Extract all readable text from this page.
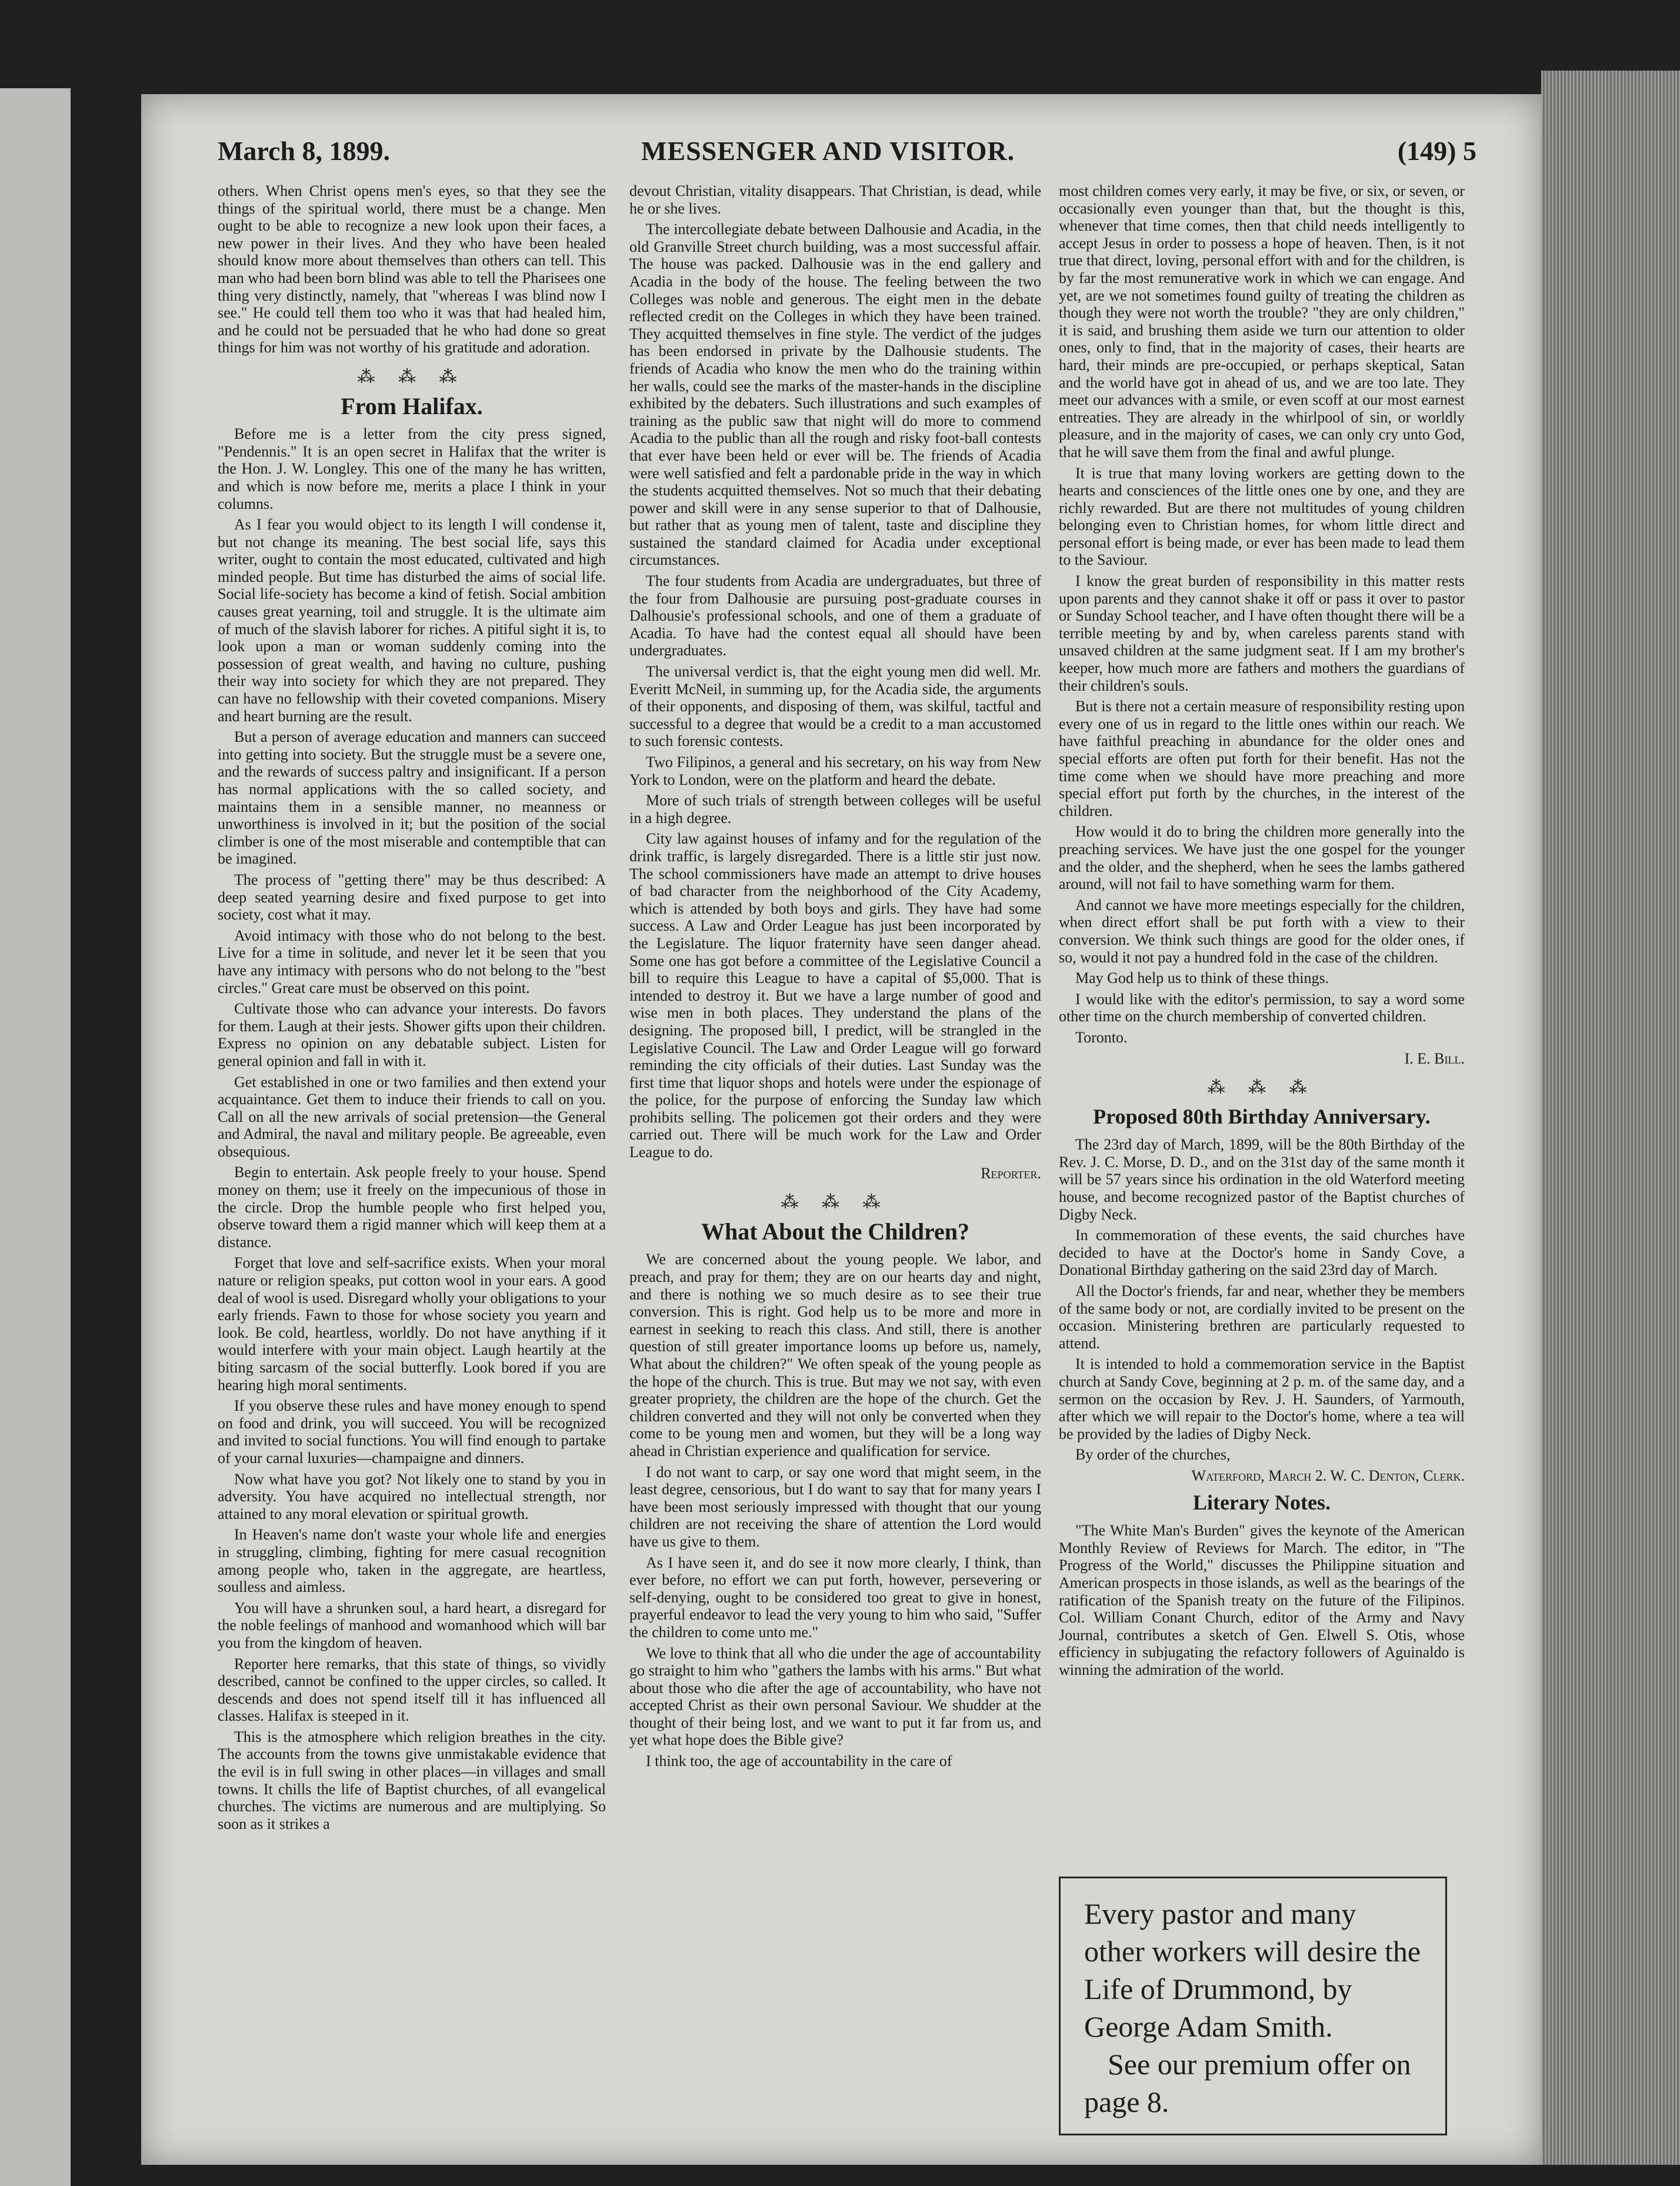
March 8, 1899.	MESSENGER AND VISITOR.	(149) 5

others. When Christ opens men's eyes, so that they see the things of the spiritual world, there must be a change. Men ought to be able to recognize a new look upon their faces, a new power in their lives. And they who have been healed should know more about themselves than others can tell. This man who had been born blind was able to tell the Pharisees one thing very distinctly, namely, that "whereas I was blind now I see." He could tell them too who it was that had healed him, and he could not be persuaded that he who had done so great things for him was not worthy of his gratitude and adoration.

⁂ ⁂ ⁂
From Halifax.

Before me is a letter from the city press signed, "Pendennis." It is an open secret in Halifax that the writer is the Hon. J. W. Longley. This one of the many he has written, and which is now before me, merits a place I think in your columns.

As I fear you would object to its length I will condense it, but not change its meaning. The best social life, says this writer, ought to contain the most educated, cultivated and high minded people. But time has disturbed the aims of social life. Social life-society has become a kind of fetish. Social ambition causes great yearning, toil and struggle. It is the ultimate aim of much of the slavish laborer for riches. A pitiful sight it is, to look upon a man or woman suddenly coming into the possession of great wealth, and having no culture, pushing their way into society for which they are not prepared. They can have no fellowship with their coveted companions. Misery and heart burning are the result.

But a person of average education and manners can succeed into getting into society. But the struggle must be a severe one, and the rewards of success paltry and insignificant. If a person has normal applications with the so called society, and maintains them in a sensible manner, no meanness or unworthiness is involved in it; but the position of the social climber is one of the most miserable and contemptible that can be imagined.

The process of "getting there" may be thus described: A deep seated yearning desire and fixed purpose to get into society, cost what it may.

Avoid intimacy with those who do not belong to the best. Live for a time in solitude, and never let it be seen that you have any intimacy with persons who do not belong to the "best circles." Great care must be observed on this point.

Cultivate those who can advance your interests. Do favors for them. Laugh at their jests. Shower gifts upon their children. Express no opinion on any debatable subject. Listen for general opinion and fall in with it.

Get established in one or two families and then extend your acquaintance. Get them to induce their friends to call on you. Call on all the new arrivals of social pretension—the General and Admiral, the naval and military people. Be agreeable, even obsequious.

Begin to entertain. Ask people freely to your house. Spend money on them; use it freely on the impecunious of those in the circle. Drop the humble people who first helped you, observe toward them a rigid manner which will keep them at a distance.

Forget that love and self-sacrifice exists. When your moral nature or religion speaks, put cotton wool in your ears. A good deal of wool is used. Disregard wholly your obligations to your early friends. Fawn to those for whose society you yearn and look. Be cold, heartless, worldly. Do not have anything if it would interfere with your main object. Laugh heartily at the biting sarcasm of the social butterfly. Look bored if you are hearing high moral sentiments.

If you observe these rules and have money enough to spend on food and drink, you will succeed. You will be recognized and invited to social functions. You will find enough to partake of your carnal luxuries—champaigne and dinners.

Now what have you got? Not likely one to stand by you in adversity. You have acquired no intellectual strength, nor attained to any moral elevation or spiritual growth.

In Heaven's name don't waste your whole life and energies in struggling, climbing, fighting for mere casual recognition among people who, taken in the aggregate, are heartless, soulless and aimless.

You will have a shrunken soul, a hard heart, a disregard for the noble feelings of manhood and womanhood which will bar you from the kingdom of heaven.

Reporter here remarks, that this state of things, so vividly described, cannot be confined to the upper circles, so called. It descends and does not spend itself till it has influenced all classes. Halifax is steeped in it.

This is the atmosphere which religion breathes in the city. The accounts from the towns give unmistakable evidence that the evil is in full swing in other places—in villages and small towns. It chills the life of Baptist churches, of all evangelical churches. The victims are numerous and are multiplying. So soon as it strikes a

devout Christian, vitality disappears. That Christian, is dead, while he or she lives.

The intercollegiate debate between Dalhousie and Acadia, in the old Granville Street church building, was a most successful affair. The house was packed. Dalhousie was in the end gallery and Acadia in the body of the house. The feeling between the two Colleges was noble and generous. The eight men in the debate reflected credit on the Colleges in which they have been trained. They acquitted themselves in fine style. The verdict of the judges has been endorsed in private by the Dalhousie students. The friends of Acadia who know the men who do the training within her walls, could see the marks of the master-hands in the discipline exhibited by the debaters. Such illustrations and such examples of training as the public saw that night will do more to commend Acadia to the public than all the rough and risky foot-ball contests that ever have been held or ever will be. The friends of Acadia were well satisfied and felt a pardonable pride in the way in which the students acquitted themselves. Not so much that their debating power and skill were in any sense superior to that of Dalhousie, but rather that as young men of talent, taste and discipline they sustained the standard claimed for Acadia under exceptional circumstances.

The four students from Acadia are undergraduates, but three of the four from Dalhousie are pursuing post-graduate courses in Dalhousie's professional schools, and one of them a graduate of Acadia. To have had the contest equal all should have been undergraduates.

The universal verdict is, that the eight young men did well. Mr. Everitt McNeil, in summing up, for the Acadia side, the arguments of their opponents, and disposing of them, was skilful, tactful and successful to a degree that would be a credit to a man accustomed to such forensic contests.

Two Filipinos, a general and his secretary, on his way from New York to London, were on the platform and heard the debate.

More of such trials of strength between colleges will be useful in a high degree.

City law against houses of infamy and for the regulation of the drink traffic, is largely disregarded. There is a little stir just now. The school commissioners have made an attempt to drive houses of bad character from the neighborhood of the City Academy, which is attended by both boys and girls. They have had some success. A Law and Order League has just been incorporated by the Legislature. The liquor fraternity have seen danger ahead. Some one has got before a committee of the Legislative Council a bill to require this League to have a capital of $5,000. That is intended to destroy it. But we have a large number of good and wise men in both places. They understand the plans of the designing. The proposed bill, I predict, will be strangled in the Legislative Council. The Law and Order League will go forward reminding the city officials of their duties. Last Sunday was the first time that liquor shops and hotels were under the espionage of the police, for the purpose of enforcing the Sunday law which prohibits selling. The policemen got their orders and they were carried out. There will be much work for the Law and Order League to do.

Reporter.

⁂ ⁂ ⁂
What About the Children?

We are concerned about the young people. We labor, and preach, and pray for them; they are on our hearts day and night, and there is nothing we so much desire as to see their true conversion. This is right. God help us to be more and more in earnest in seeking to reach this class. And still, there is another question of still greater importance looms up before us, namely, What about the children?" We often speak of the young people as the hope of the church. This is true. But may we not say, with even greater propriety, the children are the hope of the church. Get the children converted and they will not only be converted when they come to be young men and women, but they will be a long way ahead in Christian experience and qualification for service.

I do not want to carp, or say one word that might seem, in the least degree, censorious, but I do want to say that for many years I have been most seriously impressed with thought that our young children are not receiving the share of attention the Lord would have us give to them.

As I have seen it, and do see it now more clearly, I think, than ever before, no effort we can put forth, however, persevering or self-denying, ought to be considered too great to give in honest, prayerful endeavor to lead the very young to him who said, "Suffer the children to come unto me."

We love to think that all who die under the age of accountability go straight to him who "gathers the lambs with his arms." But what about those who die after the age of accountability, who have not accepted Christ as their own personal Saviour. We shudder at the thought of their being lost, and we want to put it far from us, and yet what hope does the Bible give?

I think too, the age of accountability in the care of

most children comes very early, it may be five, or six, or seven, or occasionally even younger than that, but the thought is this, whenever that time comes, then that child needs intelligently to accept Jesus in order to possess a hope of heaven. Then, is it not true that direct, loving, personal effort with and for the children, is by far the most remunerative work in which we can engage. And yet, are we not sometimes found guilty of treating the children as though they were not worth the trouble? "they are only children," it is said, and brushing them aside we turn our attention to older ones, only to find, that in the majority of cases, their hearts are hard, their minds are pre-occupied, or perhaps skeptical, Satan and the world have got in ahead of us, and we are too late. They meet our advances with a smile, or even scoff at our most earnest entreaties. They are already in the whirlpool of sin, or worldly pleasure, and in the majority of cases, we can only cry unto God, that he will save them from the final and awful plunge.

It is true that many loving workers are getting down to the hearts and consciences of the little ones one by one, and they are richly rewarded. But are there not multitudes of young children belonging even to Christian homes, for whom little direct and personal effort is being made, or ever has been made to lead them to the Saviour.

I know the great burden of responsibility in this matter rests upon parents and they cannot shake it off or pass it over to pastor or Sunday School teacher, and I have often thought there will be a terrible meeting by and by, when careless parents stand with unsaved children at the same judgment seat. If I am my brother's keeper, how much more are fathers and mothers the guardians of their children's souls.

But is there not a certain measure of responsibility resting upon every one of us in regard to the little ones within our reach. We have faithful preaching in abundance for the older ones and special efforts are often put forth for their benefit. Has not the time come when we should have more preaching and more special effort put forth by the churches, in the interest of the children.

How would it do to bring the children more generally into the preaching services. We have just the one gospel for the younger and the older, and the shepherd, when he sees the lambs gathered around, will not fail to have something warm for them.

And cannot we have more meetings especially for the children, when direct effort shall be put forth with a view to their conversion. We think such things are good for the older ones, if so, would it not pay a hundred fold in the case of the children.

May God help us to think of these things.

I would like with the editor's permission, to say a word some other time on the church membership of converted children.

Toronto.

I. E. Bill.

⁂ ⁂ ⁂
Proposed 80th Birthday Anniversary.

The 23rd day of March, 1899, will be the 80th Birthday of the Rev. J. C. Morse, D. D., and on the 31st day of the same month it will be 57 years since his ordination in the old Waterford meeting house, and become recognized pastor of the Baptist churches of Digby Neck.

In commemoration of these events, the said churches have decided to have at the Doctor's home in Sandy Cove, a Donational Birthday gathering on the said 23rd day of March.

All the Doctor's friends, far and near, whether they be members of the same body or not, are cordially invited to be present on the occasion. Ministering brethren are particularly requested to attend.

It is intended to hold a commemoration service in the Baptist church at Sandy Cove, beginning at 2 p. m. of the same day, and a sermon on the occasion by Rev. J. H. Saunders, of Yarmouth, after which we will repair to the Doctor's home, where a tea will be provided by the ladies of Digby Neck.

By order of the churches,

Waterford, March 2. W. C. Denton, Clerk.

Literary Notes.

"The White Man's Burden" gives the keynote of the American Monthly Review of Reviews for March. The editor, in "The Progress of the World," discusses the Philippine situation and American prospects in those islands, as well as the bearings of the ratification of the Spanish treaty on the future of the Filipinos. Col. William Conant Church, editor of the Army and Navy Journal, contributes a sketch of Gen. Elwell S. Otis, whose efficiency in subjugating the refactory followers of Aguinaldo is winning the admiration of the world.

Every pastor and many other workers will desire the Life of Drummond, by George Adam Smith.

See our premium offer on page 8.
